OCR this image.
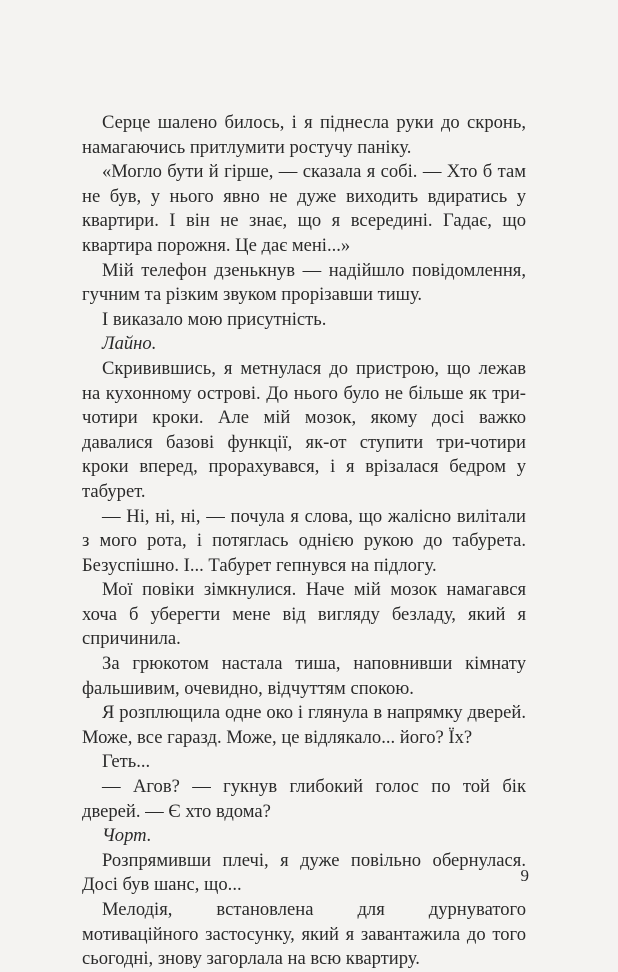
Серце шалено билось, і я піднесла руки до скронь, намагаючись притлумити ростучу паніку.

«Могло бути й гірше, — сказала я собі. — Хто б там не був, у нього явно не дуже виходить вдиратись у квартири. І він не знає, що я всередині. Гадає, що квартира порожня. Це дає мені...»

Мій телефон дзенькнув — надійшло повідомлення, гучним та різким звуком прорізавши тишу.

І виказало мою присутність.

Лайно.

Скривившись, я метнулася до пристрою, що лежав на кухонному острові. До нього було не більше як три-чотири кроки. Але мій мозок, якому досі важко давалися базові функції, як-от ступити три-чотири кроки вперед, прорахувався, і я врізалася бедром у табурет.

— Ні, ні, ні, — почула я слова, що жалісно вилітали з мого рота, і потяглась однією рукою до табурета. Безуспішно. І... Табурет гепнувся на підлогу.

Мої повіки зімкнулися. Наче мій мозок намагався хоча б уберегти мене від вигляду безладу, який я спричинила.

За грюкотом настала тиша, наповнивши кімнату фальшивим, очевидно, відчуттям спокою.

Я розплющила одне око і глянула в напрямку дверей. Може, все гаразд. Може, це відлякало... його? Їх?

Геть...

— Агов? — гукнув глибокий голос по той бік дверей. — Є хто вдома?

Чорт.

Розпрямивши плечі, я дуже повільно обернулася. Досі був шанс, що...

Мелодія, встановлена для дурнуватого мотиваційного застосунку, який я завантажила до того сьогодні, знову загорлала на всю квартиру.

9
